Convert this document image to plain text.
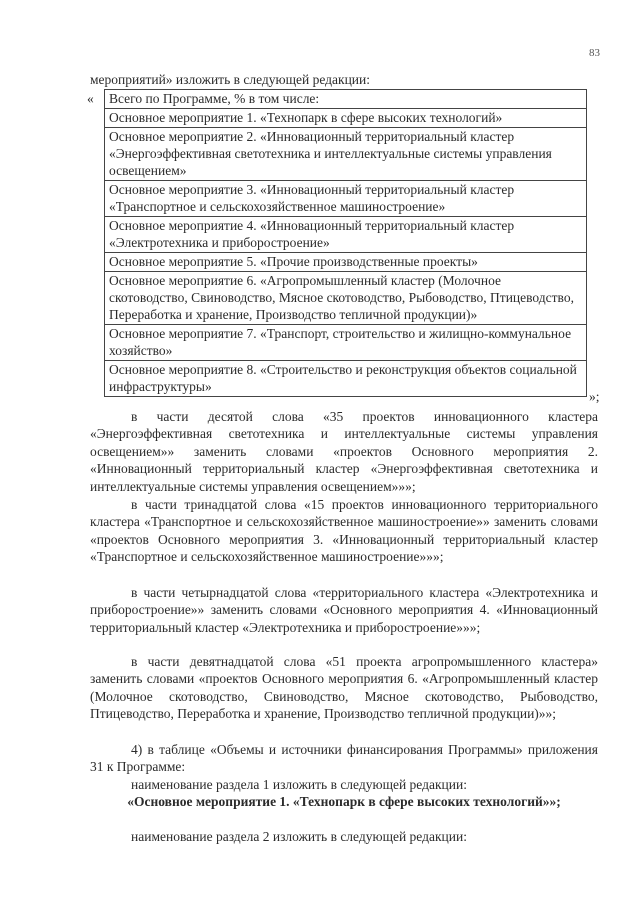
83
мероприятий» изложить в следующей редакции:
« Всего по Программе, % в том числе:
Основное мероприятие 1. «Технопарк в сфере высоких технологий»
Основное мероприятие 2. «Инновационный территориальный кластер «Энергоэффективная светотехника и интеллектуальные системы управления освещением»
Основное мероприятие 3. «Инновационный территориальный кластер «Транспортное и сельскохозяйственное машиностроение»
Основное мероприятие 4. «Инновационный территориальный кластер «Электротехника и приборостроение»
Основное мероприятие 5. «Прочие производственные проекты»
Основное мероприятие 6. «Агропромышленный кластер (Молочное скотоводство, Свиноводство, Мясное скотоводство, Рыбоводство, Птицеводство, Переработка и хранение, Производство тепличной продукции)»
Основное мероприятие 7. «Транспорт, строительство и жилищно-коммунальное хозяйство»
Основное мероприятие 8. «Строительство и реконструкция объектов социальной инфраструктуры»
»;
в части десятой слова «35 проектов инновационного кластера «Энергоэффективная светотехника и интеллектуальные системы управления освещением»» заменить словами «проектов Основного мероприятия 2. «Инновационный территориальный кластер «Энергоэффективная светотехника и интеллектуальные системы управления освещением»»»;
в части тринадцатой слова «15 проектов инновационного территориального кластера «Транспортное и сельскохозяйственное машиностроение»» заменить словами «проектов Основного мероприятия 3. «Инновационный территориальный кластер «Транспортное и сельскохозяйственное машиностроение»»»;
в части четырнадцатой слова «территориального кластера «Электротехника и приборостроение»» заменить словами «Основного мероприятия 4. «Инновационный территориальный кластер «Электротехника и приборостроение»»»;
в части девятнадцатой слова «51 проекта агропромышленного кластера» заменить словами «проектов Основного мероприятия 6. «Агропромышленный кластер (Молочное скотоводство, Свиноводство, Мясное скотоводство, Рыбоводство, Птицеводство, Переработка и хранение, Производство тепличной продукции)»»;
4) в таблице «Объемы и источники финансирования Программы» приложения 31 к Программе:
наименование раздела 1 изложить в следующей редакции:
«Основное мероприятие 1. «Технопарк в сфере высоких технологий»»;
наименование раздела 2 изложить в следующей редакции:
